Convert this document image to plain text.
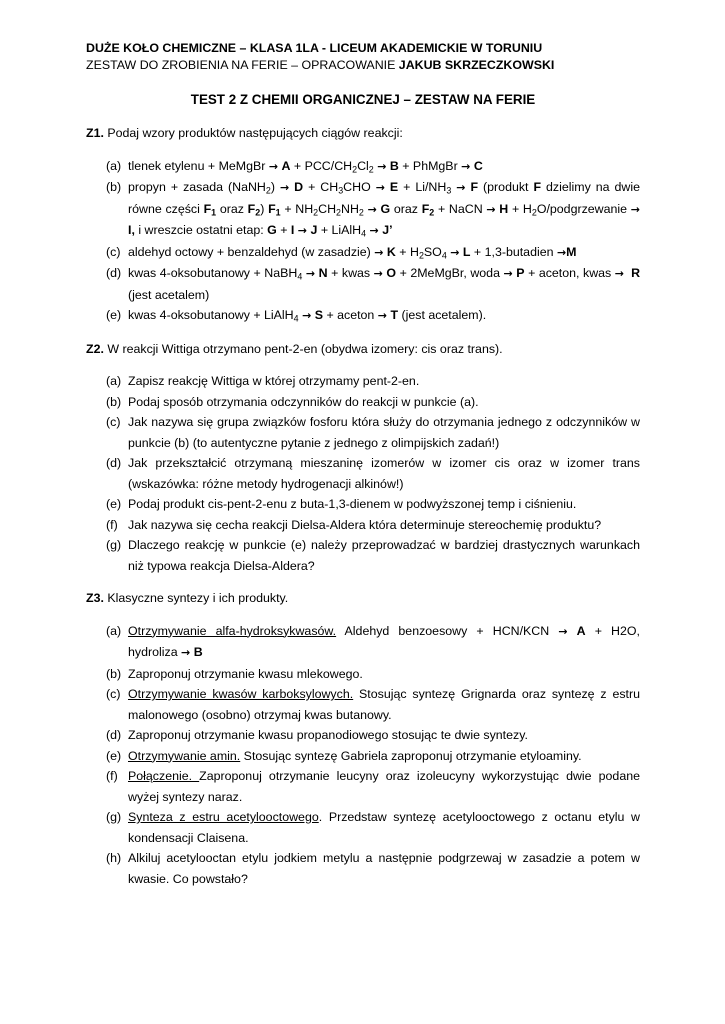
DUŻE KOŁO CHEMICZNE – KLASA 1LA - LICEUM AKADEMICKIE W TORUNIU
ZESTAW DO ZROBIENIA NA FERIE – OPRACOWANIE JAKUB SKRZECZKOWSKI
TEST 2 Z CHEMII ORGANICZNEJ – ZESTAW NA FERIE
Z1. Podaj wzory produktów następujących ciągów reakcji:
(a) tlenek etylenu + MeMgBr → A + PCC/$CH_2Cl_2 \to B$ + PhMgBr → C
(b) propyn + zasada (NaNH$_2$) → $D + CH_3CHO \to E + Li/NH_3 \to F$ (produkt F dzielimy na dwie równe części $F_1$ oraz $F_2$) $F_1 + NH_2CH_2NH_2 \to G$ oraz $F_2$ + NaCN → $H + H_2O$/podgrzewanie → I, i wreszcie ostatni etap: G + I → J + LiAlH$_4$ → J’
(c) aldehyd octowy + benzaldehyd (w zasadzie) → $K + H_2SO_4 \to L$ + 1,3-butadien →M
(d) kwas 4-oksobutanowy + NaBH$_4$ → N + kwas → O + 2MeMgBr, woda → P + aceton, kwas → R (jest acetalem)
(e) kwas 4-oksobutanowy + LiAlH$_4$ → S + aceton → T (jest acetalem).
Z2. W reakcji Wittiga otrzymano pent-2-en (obydwa izomery: cis oraz trans).
(a) Zapisz reakcję Wittiga w której otrzymamy pent-2-en.
(b) Podaj sposób otrzymania odczynników do reakcji w punkcie (a).
(c) Jak nazywa się grupa związków fosforu która służy do otrzymania jednego z odczynników w punkcie (b) (to autentyczne pytanie z jednego z olimpijskich zadań!)
(d) Jak przekształcić otrzymaną mieszaninę izomerów w izomer cis oraz w izomer trans (wskazówka: różne metody hydrogenacji alkinów!)
(e) Podaj produkt cis-pent-2-enu z buta-1,3-dienem w podwyższonej temp i ciśnieniu.
(f) Jak nazywa się cecha reakcji Dielsa-Aldera która determinuje stereochemię produktu?
(g) Dlaczego reakcję w punkcie (e) należy przeprowadzać w bardziej drastycznych warunkach niż typowa reakcja Dielsa-Aldera?
Z3. Klasyczne syntezy i ich produkty.
(a) Otrzymywanie alfa-hydroksykwasów. Aldehyd benzoesowy + HCN/KCN → A + H2O, hydroliza → B
(b) Zaproponuj otrzymanie kwasu mlekowego.
(c) Otrzymywanie kwasów karboksylowych. Stosując syntezę Grignarda oraz syntezę z estru malonowego (osobno) otrzymaj kwas butanowy.
(d) Zaproponuj otrzymanie kwasu propanodiowego stosując te dwie syntezy.
(e) Otrzymywanie amin. Stosując syntezę Gabriela zaproponuj otrzymanie etyloaminy.
(f) Połączenie. Zaproponuj otrzymanie leucyny oraz izoleucyny wykorzystując dwie podane wyżej syntezy naraz.
(g) Synteza z estru acetylooctowego. Przedstaw syntezę acetylooctowego z octanu etylu w kondensacji Claisena.
(h) Alkiluj acetylooctan etylu jodkiem metylu a następnie podgrzewaj w zasadzie a potem w kwasie. Co powstało?
